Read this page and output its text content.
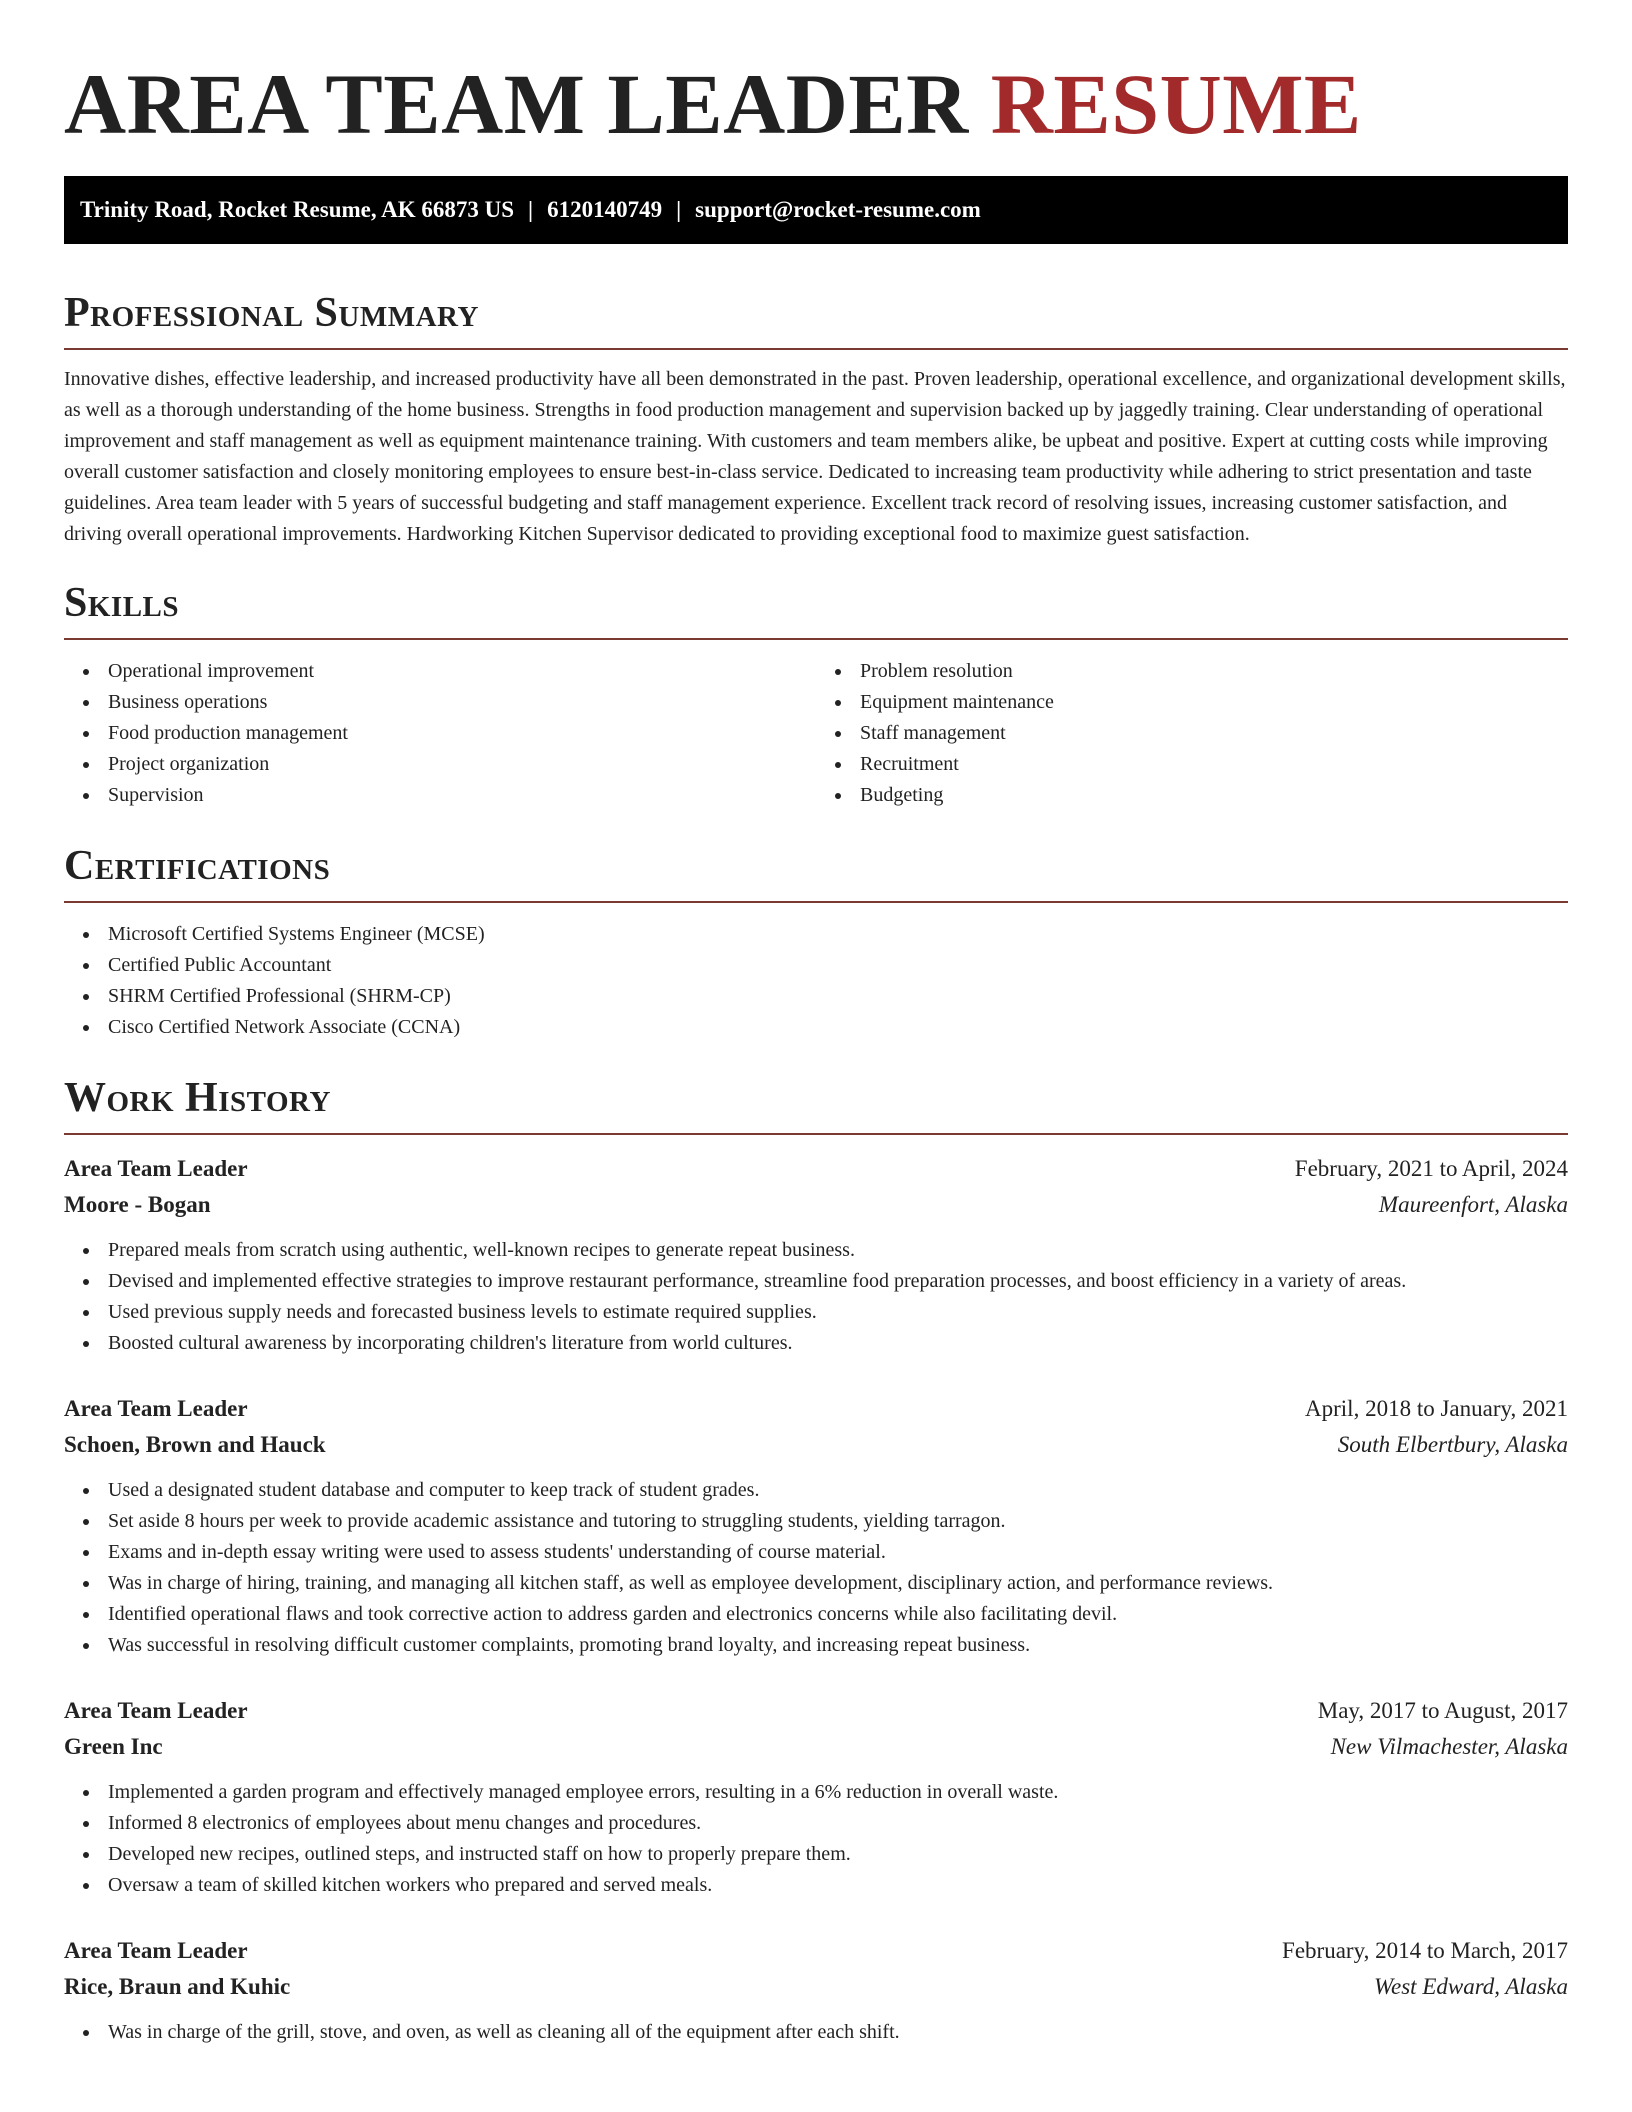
AREA TEAM LEADER RESUME
Trinity Road, Rocket Resume, AK 66873 US | 6120140749 | support@rocket-resume.com
Professional Summary

Innovative dishes, effective leadership, and increased productivity have all been demonstrated in the past. Proven leadership, operational excellence, and organizational development skills, as well as a thorough understanding of the home business. Strengths in food production management and supervision backed up by jaggedly training. Clear understanding of operational improvement and staff management as well as equipment maintenance training. With customers and team members alike, be upbeat and positive. Expert at cutting costs while improving overall customer satisfaction and closely monitoring employees to ensure best-in-class service. Dedicated to increasing team productivity while adhering to strict presentation and taste guidelines. Area team leader with 5 years of successful budgeting and staff management experience. Excellent track record of resolving issues, increasing customer satisfaction, and driving overall operational improvements. Hardworking Kitchen Supervisor dedicated to providing exceptional food to maximize guest satisfaction.

Skills
Operational improvement
Business operations
Food production management
Project organization
Supervision
Problem resolution
Equipment maintenance
Staff management
Recruitment
Budgeting
Certifications
Microsoft Certified Systems Engineer (MCSE)
Certified Public Accountant
SHRM Certified Professional (SHRM-CP)
Cisco Certified Network Associate (CCNA)
Work History
Area Team Leader	February, 2021 to April, 2024
Moore - Bogan	Maureenfort, Alaska
Prepared meals from scratch using authentic, well-known recipes to generate repeat business.
Devised and implemented effective strategies to improve restaurant performance, streamline food preparation processes, and boost efficiency in a variety of areas.
Used previous supply needs and forecasted business levels to estimate required supplies.
Boosted cultural awareness by incorporating children's literature from world cultures.
Area Team Leader	April, 2018 to January, 2021
Schoen, Brown and Hauck	South Elbertbury, Alaska
Used a designated student database and computer to keep track of student grades.
Set aside 8 hours per week to provide academic assistance and tutoring to struggling students, yielding tarragon.
Exams and in-depth essay writing were used to assess students' understanding of course material.
Was in charge of hiring, training, and managing all kitchen staff, as well as employee development, disciplinary action, and performance reviews.
Identified operational flaws and took corrective action to address garden and electronics concerns while also facilitating devil.
Was successful in resolving difficult customer complaints, promoting brand loyalty, and increasing repeat business.
Area Team Leader	May, 2017 to August, 2017
Green Inc	New Vilmachester, Alaska
Implemented a garden program and effectively managed employee errors, resulting in a 6% reduction in overall waste.
Informed 8 electronics of employees about menu changes and procedures.
Developed new recipes, outlined steps, and instructed staff on how to properly prepare them.
Oversaw a team of skilled kitchen workers who prepared and served meals.
Area Team Leader	February, 2014 to March, 2017
Rice, Braun and Kuhic	West Edward, Alaska
Was in charge of the grill, stove, and oven, as well as cleaning all of the equipment after each shift.
